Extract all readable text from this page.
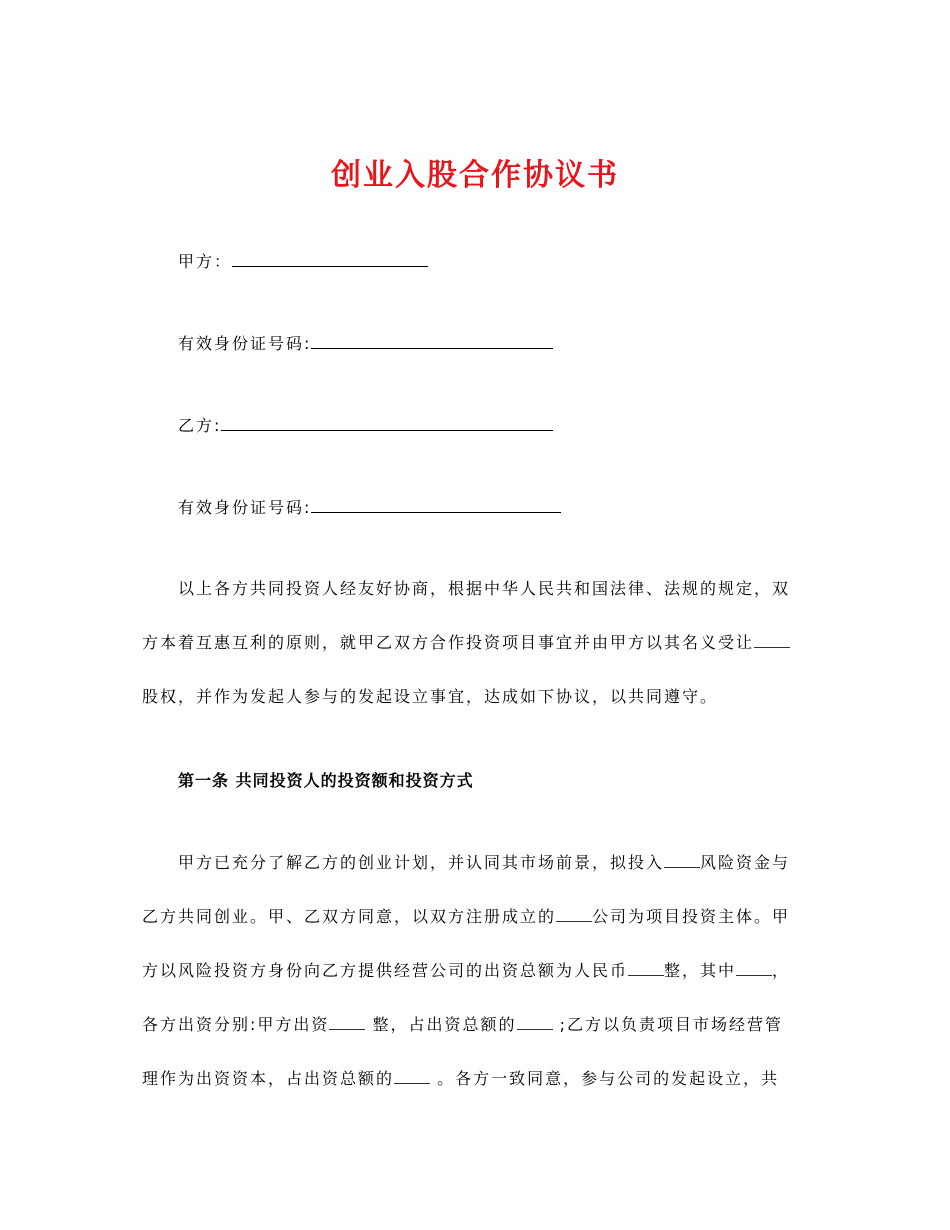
创业入股合作协议书
甲方：
有效身份证号码:
乙方:
有效身份证号码:
以上各方共同投资人经友好协商，根据中华人民共和国法律、法规的规定，双
方本着互惠互利的原则，就甲乙双方合作投资项目事宜并由甲方以其名义受让
股权，并作为发起人参与的发起设立事宜，达成如下协议，以共同遵守。
第一条 共同投资人的投资额和投资方式
甲方已充分了解乙方的创业计划，并认同其市场前景，拟投入 风险资金与
乙方共同创业。甲、乙双方同意，以双方注册成立的 公司为项目投资主体。甲
方以风险投资方身份向乙方提供经营公司的出资总额为人民币 整，其中 ，
各方出资分别:甲方出资 整，占出资总额的 ;乙方以负责项目市场经营管
理作为出资资本，占出资总额的 。各方一致同意，参与公司的发起设立，共
